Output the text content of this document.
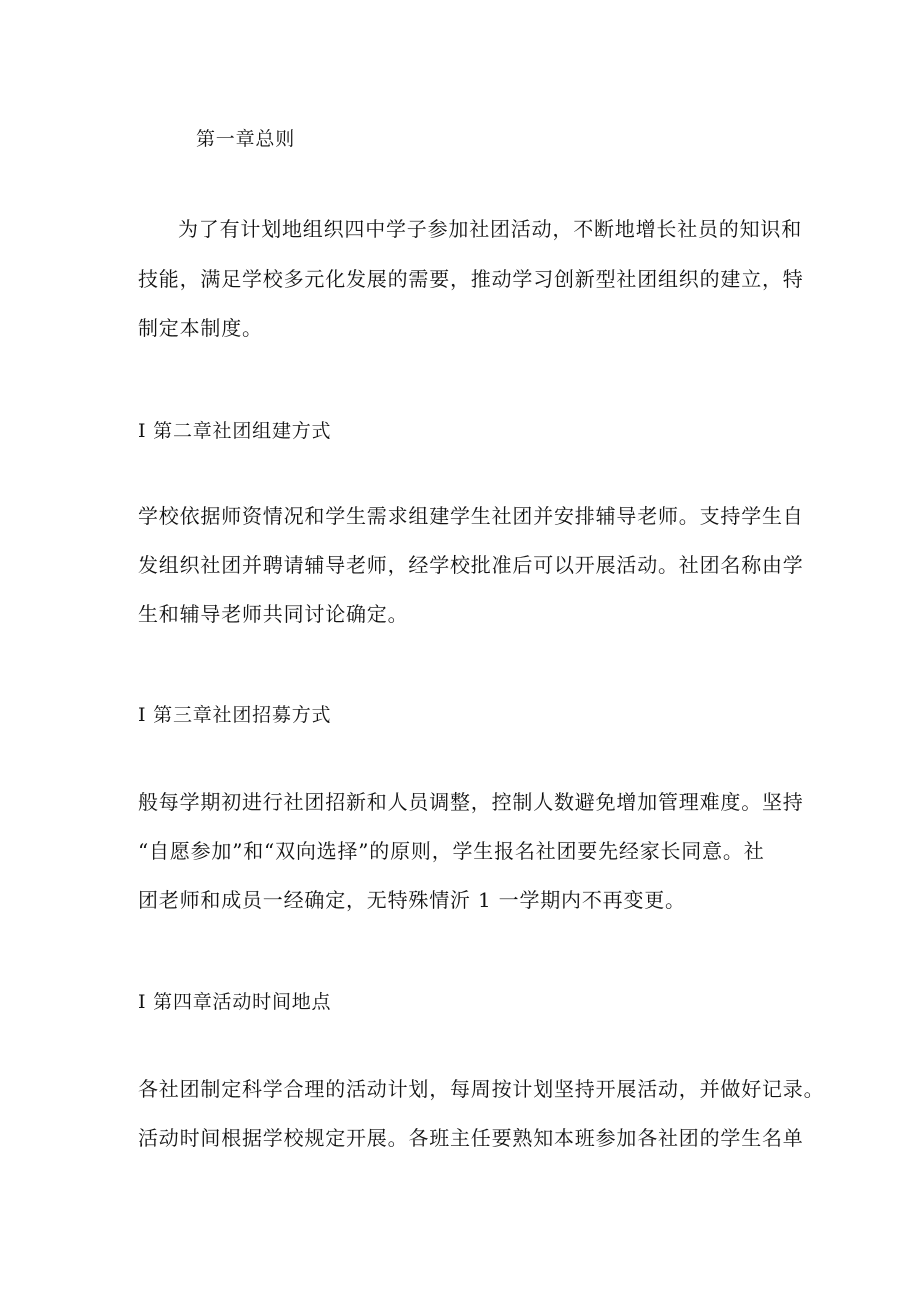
第一章总则
为了有计划地组织四中学子参加社团活动，不断地增长社员的知识和
技能，满足学校多元化发展的需要，推动学习创新型社团组织的建立，特
制定本制度。
I 第二章社团组建方式
学校依据师资情况和学生需求组建学生社团并安排辅导老师。支持学生自
发组织社团并聘请辅导老师，经学校批准后可以开展活动。社团名称由学
生和辅导老师共同讨论确定。
I 第三章社团招募方式
般每学期初进行社团招新和人员调整，控制人数避免增加管理难度。坚持
“自愿参加”和“双向选择”的原则，学生报名社团要先经家长同意。社
团老师和成员一经确定，无特殊情沂 1 一学期内不再变更。
I 第四章活动时间地点
各社团制定科学合理的活动计划，每周按计划坚持开展活动，并做好记录。
活动时间根据学校规定开展。各班主任要熟知本班参加各社团的学生名单
